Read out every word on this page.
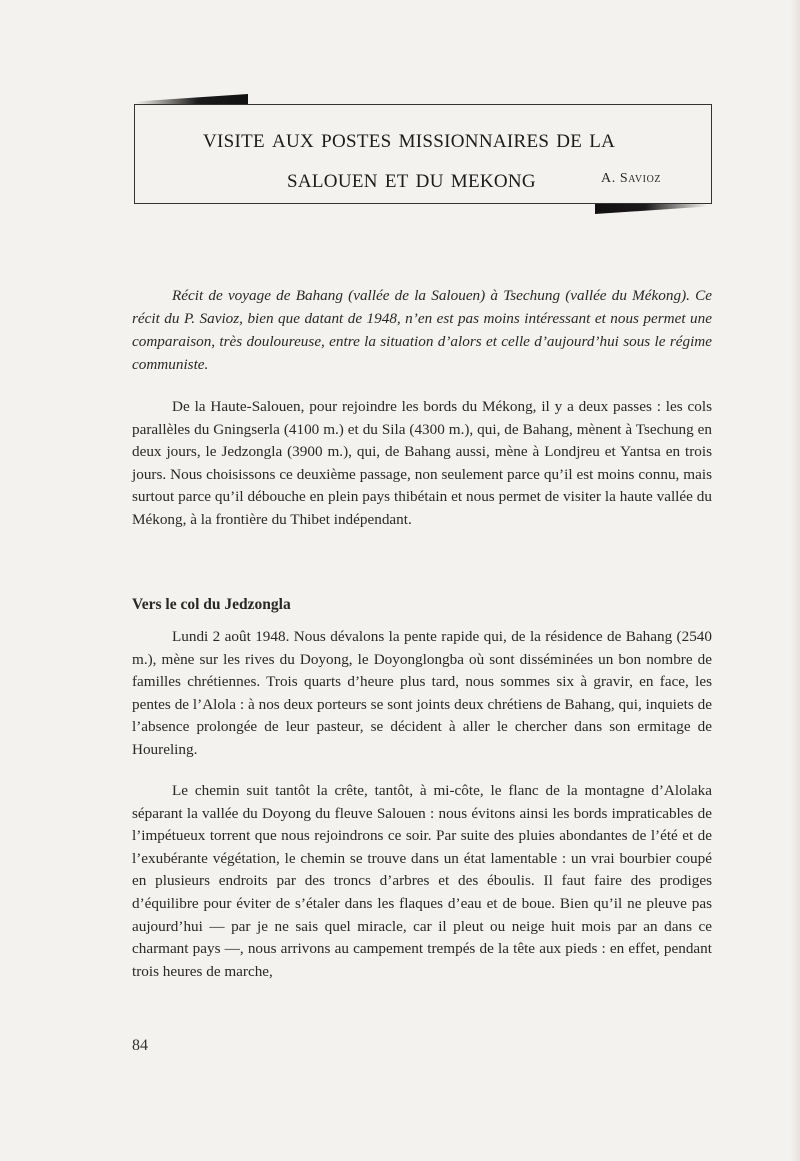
visite aux postes missionnaires de la
salouen et du mekong	A. Savioz

Récit de voyage de Bahang (vallée de la Salouen) à Tsechung (vallée du Mékong). Ce récit du P. Savioz, bien que datant de 1948, n’en est pas moins intéressant et nous permet une comparaison, très douloureuse, entre la situation d’alors et celle d’aujourd’hui sous le régime communiste.

De la Haute-Salouen, pour rejoindre les bords du Mékong, il y a deux passes : les cols parallèles du Gningserla (4100 m.) et du Sila (4300 m.), qui, de Bahang, mènent à Tsechung en deux jours, le Jedzongla (3900 m.), qui, de Bahang aussi, mène à Londjreu et Yantsa en trois jours. Nous choisissons ce deuxième passage, non seulement parce qu’il est moins connu, mais surtout parce qu’il débouche en plein pays thibétain et nous permet de visiter la haute vallée du Mékong, à la frontière du Thibet indépendant.

Vers le col du Jedzongla

Lundi 2 août 1948. Nous dévalons la pente rapide qui, de la résidence de Bahang (2540 m.), mène sur les rives du Doyong, le Doyonglongba où sont disséminées un bon nombre de familles chrétiennes. Trois quarts d’heure plus tard, nous sommes six à gravir, en face, les pentes de l’Alola : à nos deux porteurs se sont joints deux chrétiens de Bahang, qui, inquiets de l’absence prolongée de leur pasteur, se décident à aller le chercher dans son ermitage de Houreling.

Le chemin suit tantôt la crête, tantôt, à mi-côte, le flanc de la montagne d’Alolaka séparant la vallée du Doyong du fleuve Salouen : nous évitons ainsi les bords impraticables de l’impétueux torrent que nous rejoindrons ce soir. Par suite des pluies abondantes de l’été et de l’exubérante végétation, le chemin se trouve dans un état lamentable : un vrai bourbier coupé en plusieurs endroits par des troncs d’arbres et des éboulis. Il faut faire des prodiges d’équilibre pour éviter de s’étaler dans les flaques d’eau et de boue. Bien qu’il ne pleuve pas aujourd’hui — par je ne sais quel miracle, car il pleut ou neige huit mois par an dans ce charmant pays —, nous arrivons au campement trempés de la tête aux pieds : en effet, pendant trois heures de marche,

84
